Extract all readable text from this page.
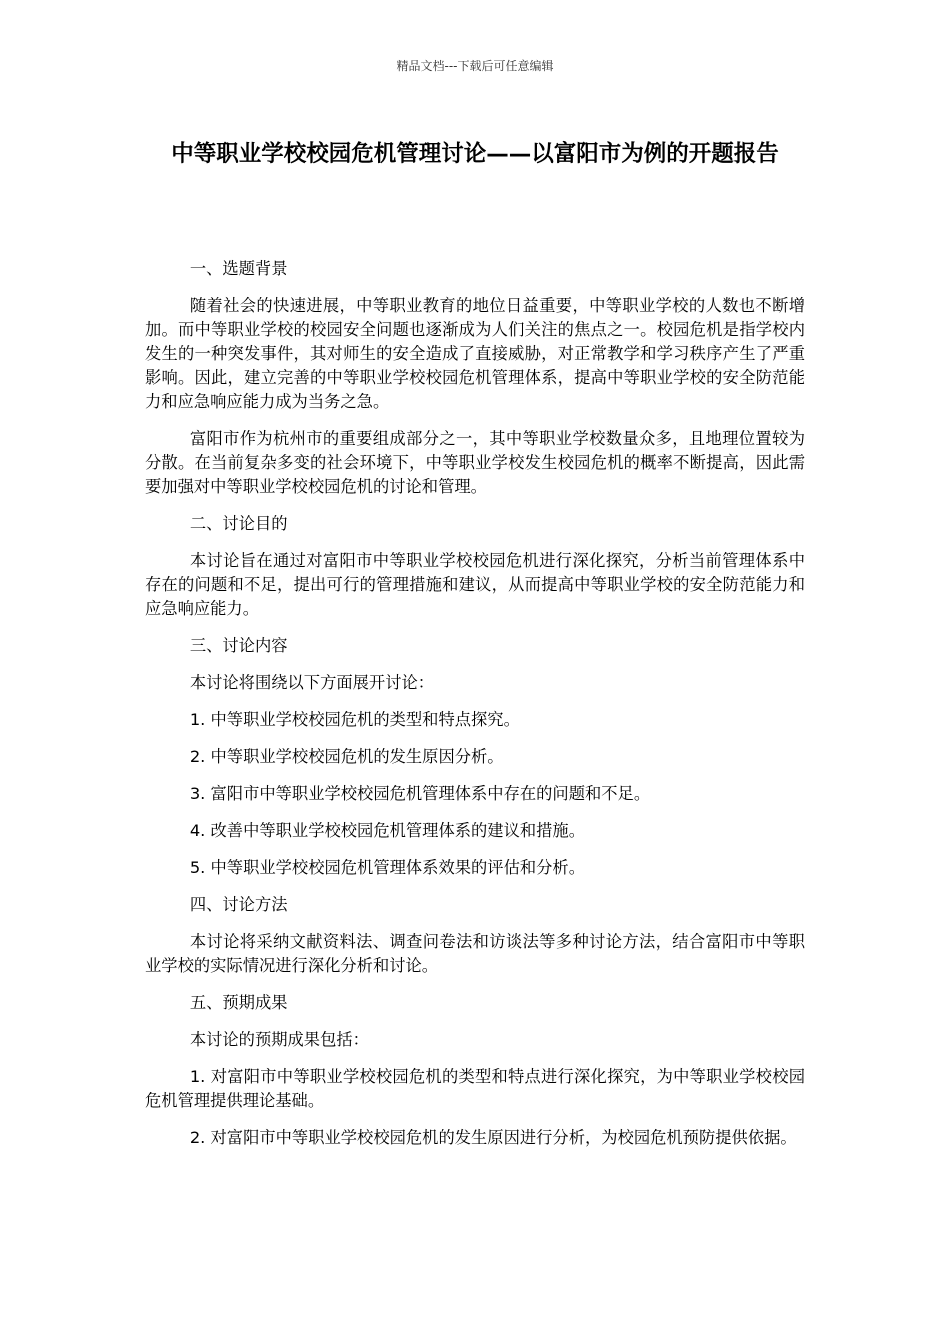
精品文档---下载后可任意编辑
中等职业学校校园危机管理讨论——以富阳市为例的开题报告

一、选题背景

随着社会的快速进展，中等职业教育的地位日益重要，中等职业学校的人数也不断增加。而中等职业学校的校园安全问题也逐渐成为人们关注的焦点之一。校园危机是指学校内发生的一种突发事件，其对师生的安全造成了直接威胁，对正常教学和学习秩序产生了严重影响。因此，建立完善的中等职业学校校园危机管理体系，提高中等职业学校的安全防范能力和应急响应能力成为当务之急。

富阳市作为杭州市的重要组成部分之一，其中等职业学校数量众多，且地理位置较为分散。在当前复杂多变的社会环境下，中等职业学校发生校园危机的概率不断提高，因此需要加强对中等职业学校校园危机的讨论和管理。

二、讨论目的

本讨论旨在通过对富阳市中等职业学校校园危机进行深化探究，分析当前管理体系中存在的问题和不足，提出可行的管理措施和建议，从而提高中等职业学校的安全防范能力和应急响应能力。

三、讨论内容

本讨论将围绕以下方面展开讨论：

1. 中等职业学校校园危机的类型和特点探究。

2. 中等职业学校校园危机的发生原因分析。

3. 富阳市中等职业学校校园危机管理体系中存在的问题和不足。

4. 改善中等职业学校校园危机管理体系的建议和措施。

5. 中等职业学校校园危机管理体系效果的评估和分析。

四、讨论方法

本讨论将采纳文献资料法、调查问卷法和访谈法等多种讨论方法，结合富阳市中等职业学校的实际情况进行深化分析和讨论。

五、预期成果

本讨论的预期成果包括：

1. 对富阳市中等职业学校校园危机的类型和特点进行深化探究，为中等职业学校校园危机管理提供理论基础。

2. 对富阳市中等职业学校校园危机的发生原因进行分析，为校园危机预防提供依据。
